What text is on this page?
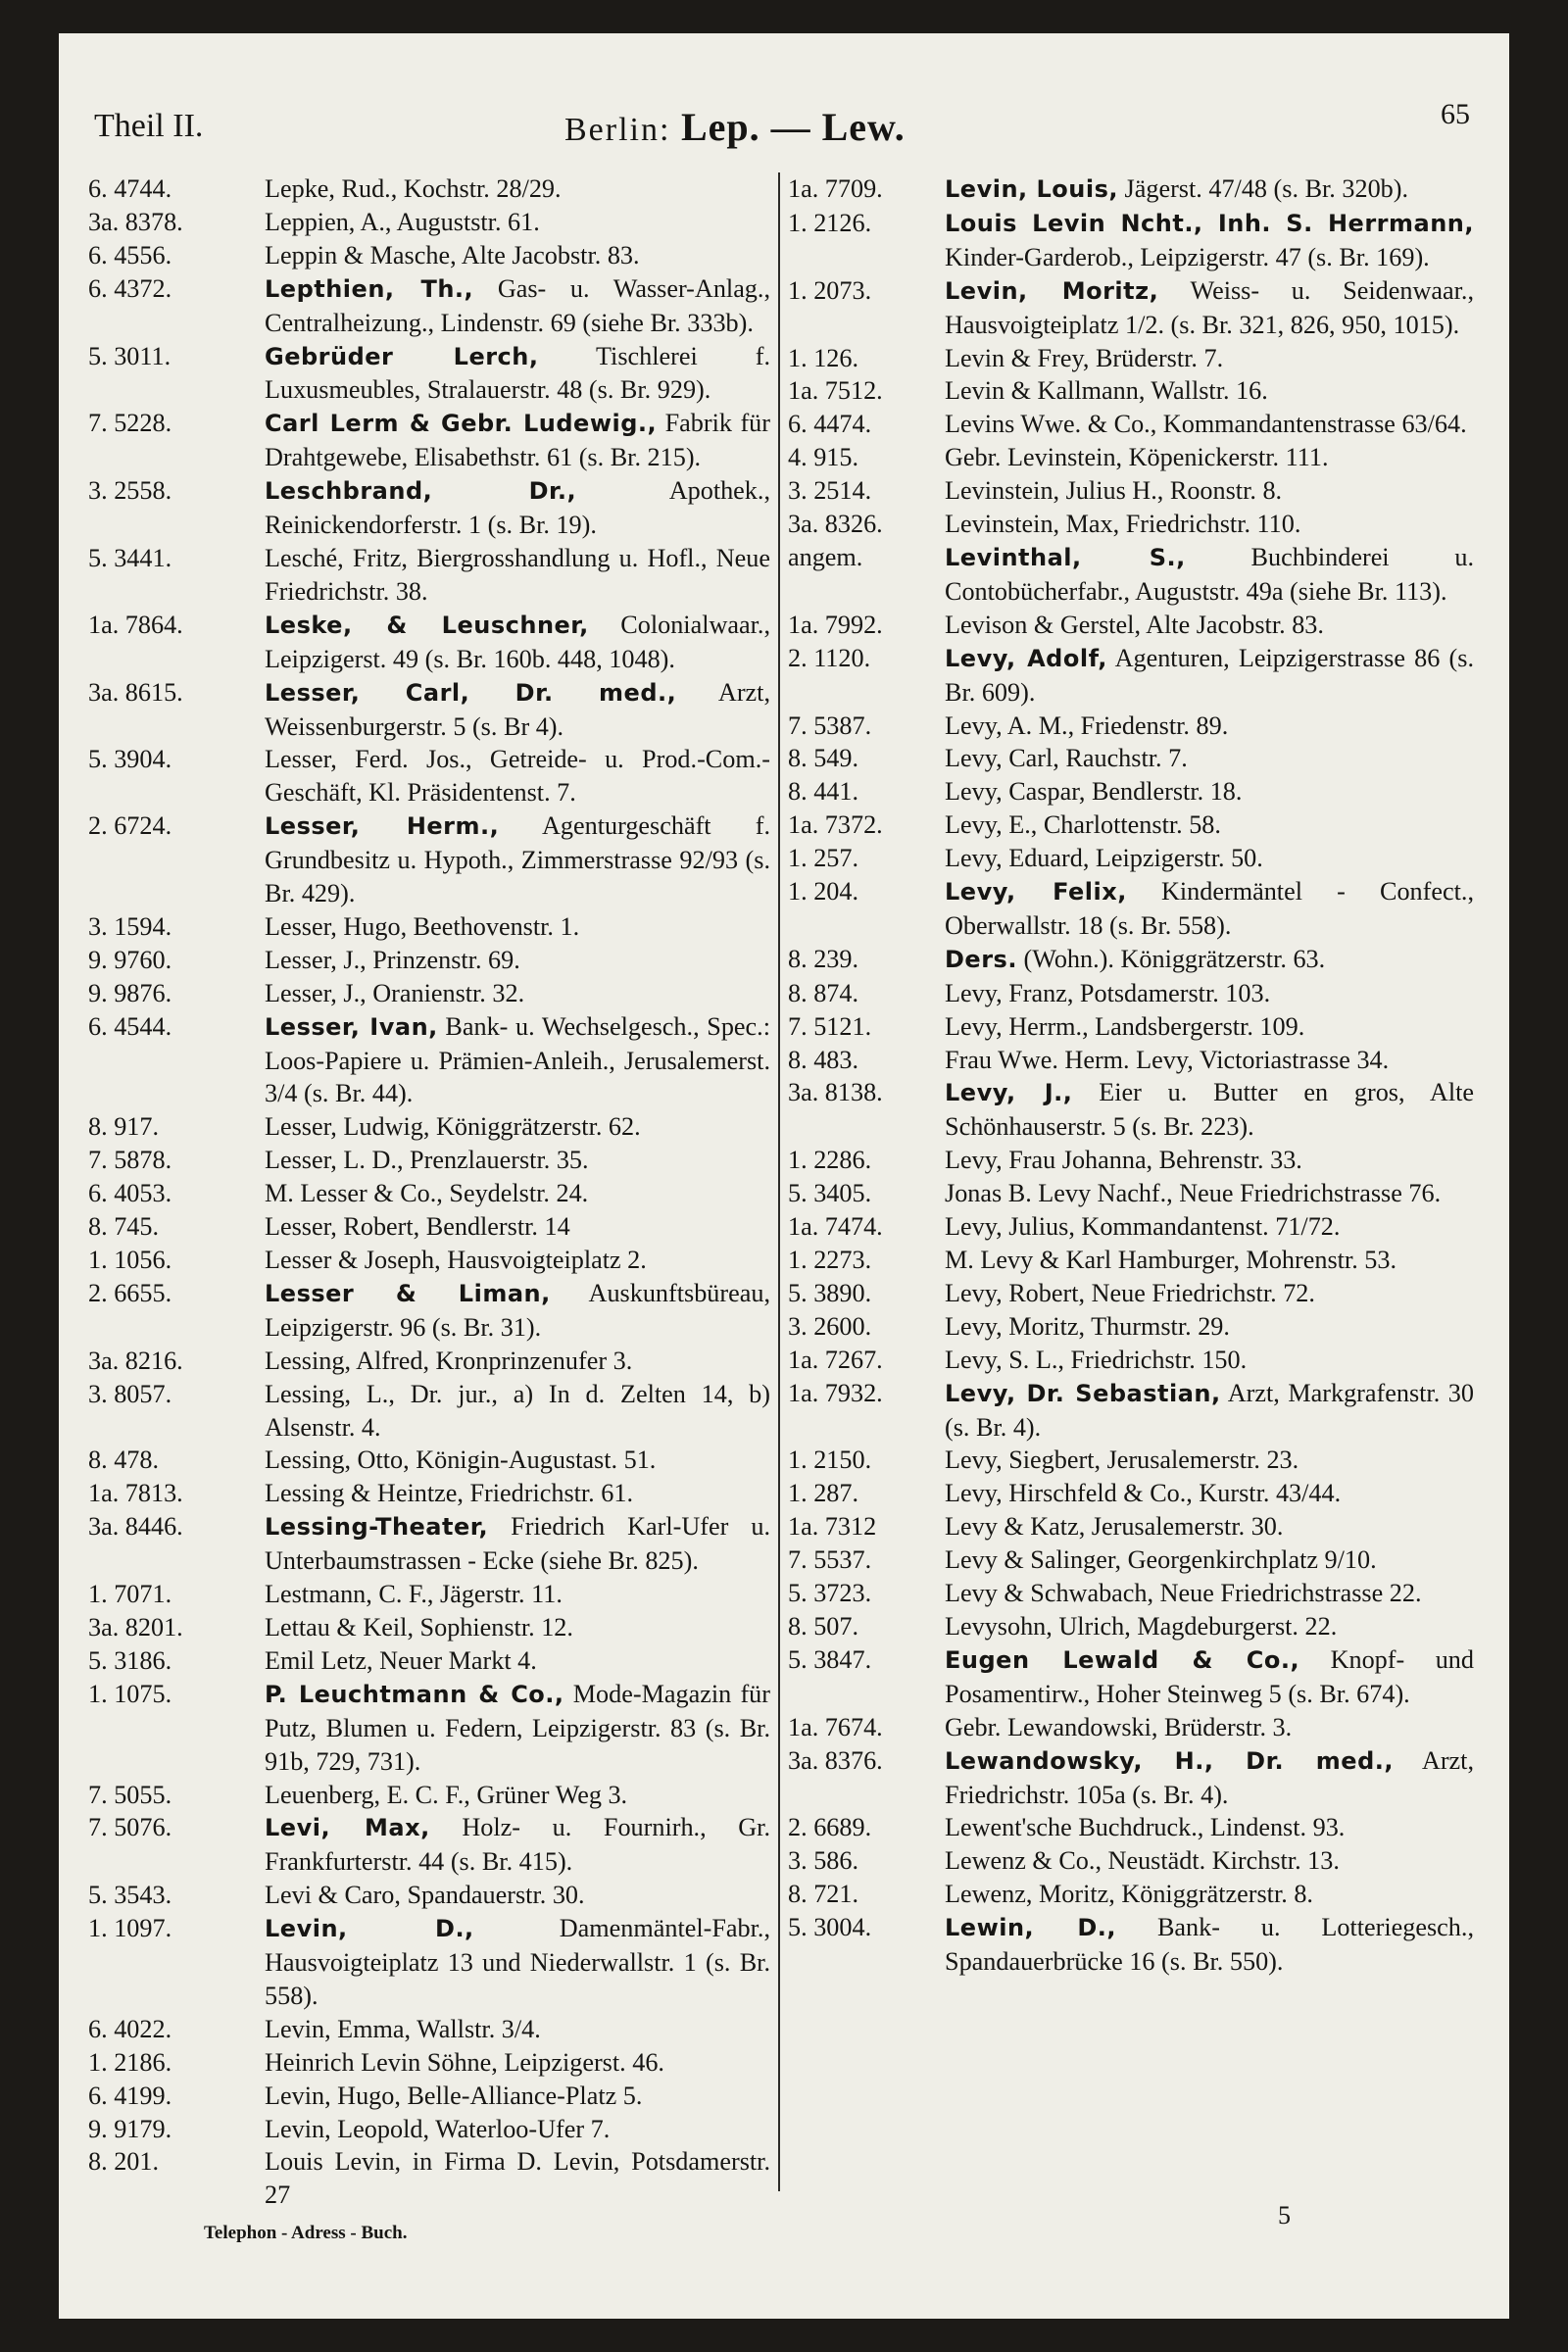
Theil II.	Berlin: Lep. — Lew.	65
6. 4744.	Lepke, Rud., Kochstr. 28/29.
3a. 8378.	Leppien, A., Auguststr. 61.
6. 4556.	Leppin & Masche, Alte Jacobstr. 83.
6. 4372.	Lepthien, Th., Gas- u. Wasser-Anlag., Centralheizung., Lindenstr. 69 (siehe Br. 333b).
5. 3011.	Gebrüder Lerch, Tischlerei f. Luxusmeubles, Stralauerstr. 48 (s. Br. 929).
7. 5228.	Carl Lerm & Gebr. Ludewig., Fabrik für Drahtgewebe, Elisabethstr. 61 (s. Br. 215).
3. 2558.	Leschbrand, Dr., Apothek., Reinickendorferstr. 1 (s. Br. 19).
5. 3441.	Lesché, Fritz, Biergrosshandlung u. Hofl., Neue Friedrichstr. 38.
1a. 7864.	Leske, & Leuschner, Colonialwaar., Leipzigerst. 49 (s. Br. 160b. 448, 1048).
3a. 8615.	Lesser, Carl, Dr. med., Arzt, Weissenburgerstr. 5 (s. Br 4).
5. 3904.	Lesser, Ferd. Jos., Getreide- u. Prod.-Com.-Geschäft, Kl. Präsidentenst. 7.
2. 6724.	Lesser, Herm., Agenturgeschäft f. Grundbesitz u. Hypoth., Zimmerstrasse 92/93 (s. Br. 429).
3. 1594.	Lesser, Hugo, Beethovenstr. 1.
9. 9760.	Lesser, J., Prinzenstr. 69.
9. 9876.	Lesser, J., Oranienstr. 32.
6. 4544.	Lesser, Ivan, Bank- u. Wechselgesch., Spec.: Loos-Papiere u. Prämien-Anleih., Jerusalemerst. 3/4 (s. Br. 44).
8. 917.	Lesser, Ludwig, Königgrätzerstr. 62.
7. 5878.	Lesser, L. D., Prenzlauerstr. 35.
6. 4053.	M. Lesser & Co., Seydelstr. 24.
8. 745.	Lesser, Robert, Bendlerstr. 14
1. 1056.	Lesser & Joseph, Hausvoigteiplatz 2.
2. 6655.	Lesser & Liman, Auskunftsbüreau, Leipzigerstr. 96 (s. Br. 31).
3a. 8216.	Lessing, Alfred, Kronprinzenufer 3.
3. 8057.	Lessing, L., Dr. jur., a) In d. Zelten 14, b) Alsenstr. 4.
8. 478.	Lessing, Otto, Königin-Augustast. 51.
1a. 7813.	Lessing & Heintze, Friedrichstr. 61.
3a. 8446.	Lessing-Theater, Friedrich Karl-Ufer u. Unterbaumstrassen - Ecke (siehe Br. 825).
1. 7071.	Lestmann, C. F., Jägerstr. 11.
3a. 8201.	Lettau & Keil, Sophienstr. 12.
5. 3186.	Emil Letz, Neuer Markt 4.
1. 1075.	P. Leuchtmann & Co., Mode-Magazin für Putz, Blumen u. Federn, Leipzigerstr. 83 (s. Br. 91b, 729, 731).
7. 5055.	Leuenberg, E. C. F., Grüner Weg 3.
7. 5076.	Levi, Max, Holz- u. Fournirh., Gr. Frankfurterstr. 44 (s. Br. 415).
5. 3543.	Levi & Caro, Spandauerstr. 30.
1. 1097.	Levin, D., Damenmäntel-Fabr., Hausvoigteiplatz 13 und Niederwallstr. 1 (s. Br. 558).
6. 4022.	Levin, Emma, Wallstr. 3/4.
1. 2186.	Heinrich Levin Söhne, Leipzigerst. 46.
6. 4199.	Levin, Hugo, Belle-Alliance-Platz 5.
9. 9179.	Levin, Leopold, Waterloo-Ufer 7.
8. 201.	Louis Levin, in Firma D. Levin, Potsdamerstr. 27
1a. 7709.	Levin, Louis, Jägerst. 47/48 (s. Br. 320b).
1. 2126.	Louis Levin Ncht., Inh. S. Herrmann, Kinder-Garderob., Leipzigerstr. 47 (s. Br. 169).
1. 2073.	Levin, Moritz, Weiss- u. Seidenwaar., Hausvoigteiplatz 1/2. (s. Br. 321, 826, 950, 1015).
1. 126.	Levin & Frey, Brüderstr. 7.
1a. 7512.	Levin & Kallmann, Wallstr. 16.
6. 4474.	Levins Wwe. & Co., Kommandantenstrasse 63/64.
4. 915.	Gebr. Levinstein, Köpenickerstr. 111.
3. 2514.	Levinstein, Julius H., Roonstr. 8.
3a. 8326.	Levinstein, Max, Friedrichstr. 110.
angem.	Levinthal, S., Buchbinderei u. Contobücherfabr., Auguststr. 49a (siehe Br. 113).
1a. 7992.	Levison & Gerstel, Alte Jacobstr. 83.
2. 1120.	Levy, Adolf, Agenturen, Leipzigerstrasse 86 (s. Br. 609).
7. 5387.	Levy, A. M., Friedenstr. 89.
8. 549.	Levy, Carl, Rauchstr. 7.
8. 441.	Levy, Caspar, Bendlerstr. 18.
1a. 7372.	Levy, E., Charlottenstr. 58.
1. 257.	Levy, Eduard, Leipzigerstr. 50.
1. 204.	Levy, Felix, Kindermäntel - Confect., Oberwallstr. 18 (s. Br. 558).
8. 239.	Ders. (Wohn.). Königgrätzerstr. 63.
8. 874.	Levy, Franz, Potsdamerstr. 103.
7. 5121.	Levy, Herrm., Landsbergerstr. 109.
8. 483.	Frau Wwe. Herm. Levy, Victoriastrasse 34.
3a. 8138.	Levy, J., Eier u. Butter en gros, Alte Schönhauserstr. 5 (s. Br. 223).
1. 2286.	Levy, Frau Johanna, Behrenstr. 33.
5. 3405.	Jonas B. Levy Nachf., Neue Friedrichstrasse 76.
1a. 7474.	Levy, Julius, Kommandantenst. 71/72.
1. 2273.	M. Levy & Karl Hamburger, Mohrenstr. 53.
5. 3890.	Levy, Robert, Neue Friedrichstr. 72.
3. 2600.	Levy, Moritz, Thurmstr. 29.
1a. 7267.	Levy, S. L., Friedrichstr. 150.
1a. 7932.	Levy, Dr. Sebastian, Arzt, Markgrafenstr. 30 (s. Br. 4).
1. 2150.	Levy, Siegbert, Jerusalemerstr. 23.
1. 287.	Levy, Hirschfeld & Co., Kurstr. 43/44.
1a. 7312	Levy & Katz, Jerusalemerstr. 30.
7. 5537.	Levy & Salinger, Georgenkirchplatz 9/10.
5. 3723.	Levy & Schwabach, Neue Friedrichstrasse 22.
8. 507.	Levysohn, Ulrich, Magdeburgerst. 22.
5. 3847.	Eugen Lewald & Co., Knopf- und Posamentirw., Hoher Steinweg 5 (s. Br. 674).
1a. 7674.	Gebr. Lewandowski, Brüderstr. 3.
3a. 8376.	Lewandowsky, H., Dr. med., Arzt, Friedrichstr. 105a (s. Br. 4).
2. 6689.	Lewent'sche Buchdruck., Lindenst. 93.
3. 586.	Lewenz & Co., Neustädt. Kirchstr. 13.
8. 721.	Lewenz, Moritz, Königgrätzerstr. 8.
5. 3004.	Lewin, D., Bank- u. Lotteriegesch., Spandauerbrücke 16 (s. Br. 550).
Telephon - Adress - Buch.
5
